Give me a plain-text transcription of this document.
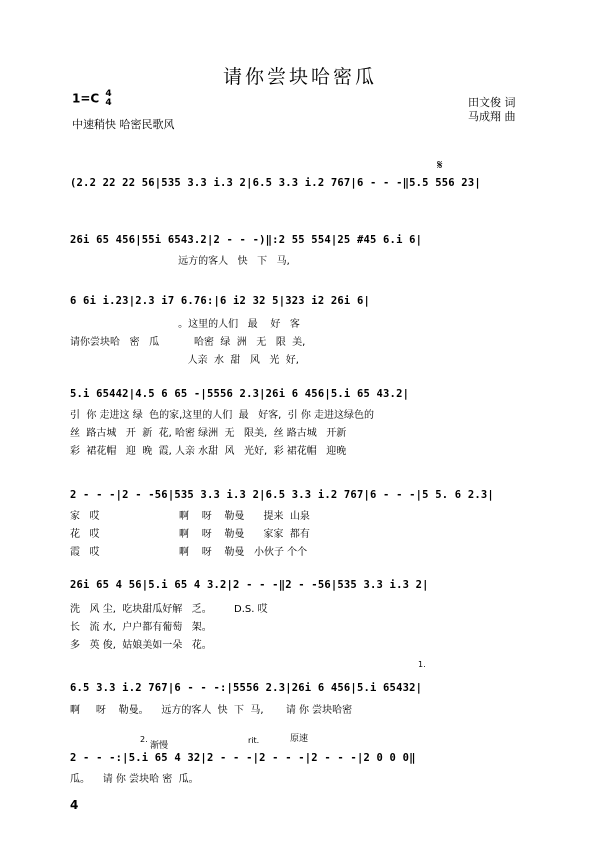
请你尝块哈密瓜
1=C 4
4
中速稍快 哈密民歌风
田文俊 词
马成翔 曲
𝄋
(2.2 22 22 56|535 3.3 i.3 2|6.5 3.3 i.2 767|6 - - -‖5.5 556 23|
26i 65 456|55i 6543.2|2 - - -)‖:2 55 554|25 #45 6.i 6|
远方的客人   快   下   马,
6 6i i.23|2.3 i7 6.76:|6 i2 32 5|323 i2 26i 6|
。这里的人们   最    好   客
请你尝块哈   密   瓜           哈密  绿  洲   无   限  美,
人亲  水  甜   风   光  好,
5.i 65442|4.5 6 65 -|5556 2.3|26i 6 456|5.i 65 43.2|
引  你 走进这 绿  色的家,这里的人们  最   好客,  引 你 走进这绿色的
丝  路古城   开  新  花, 哈密 绿洲  无   限美,  丝 路古城   开新
彩  裙花帽   迎  晚  霞, 人亲 水甜  风   光好,  彩 裙花帽   迎晚
2 - - -|2 - -56|535 3.3 i.3 2|6.5 3.3 i.2 767|6 - - -|5 5. 6 2.3|
家   哎                         啊    呀    勒曼      提来  山泉
花   哎                         啊    呀    勒曼      家家  都有
霞   哎                         啊    呀    勒曼   小伙子 个个
26i 65 4 56|5.i 65 4 3.2|2 - - -‖2 - -56|535 3.3 i.3 2|
洗   风 尘,  吃块甜瓜好解   乏。       D.S. 哎
长   流 水,  户户都有葡萄   架。
多   英 俊,  姑娘美如一朵   花。
1.
6.5 3.3 i.2 767|6 - - -:|5556 2.3|26i 6 456|5.i 65432|
啊     呀    勒曼。    远方的客人  快  下  马,       请 你 尝块哈密
2.
渐慢
rit.	原速
2 - - -:|5.i 65 4 32|2 - - -|2 - - -|2 - - -|2 0 0 0‖
瓜。    请 你 尝块哈 密  瓜。
4
